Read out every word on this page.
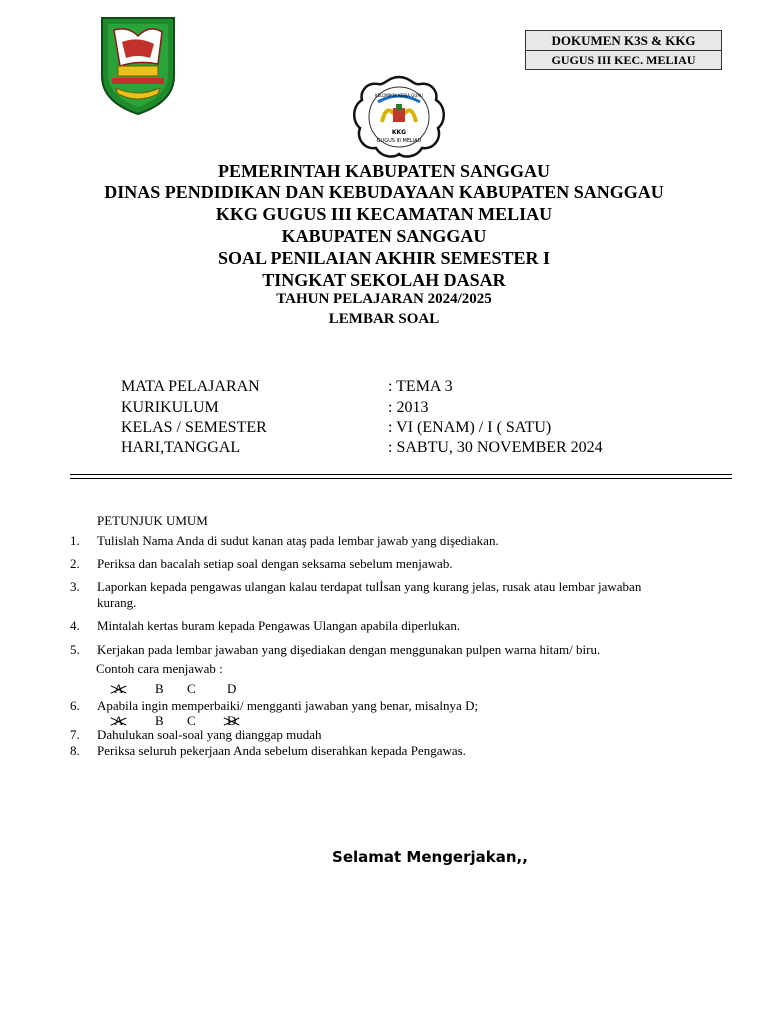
DOKUMEN K3S & KKG
GUGUS III KEC. MELIAU
KKG
GUGUS III MELIAU
KELOMPOK KERJA GURU
PEMERINTAH KABUPATEN SANGGAU
DINAS PENDIDIKAN DAN KEBUDAYAAN KABUPATEN SANGGAU
KKG GUGUS III KECAMATAN MELIAU
KABUPATEN SANGGAU
SOAL PENILAIAN AKHIR SEMESTER I
TINGKAT SEKOLAH DASAR
TAHUN PELAJARAN 2024/2025
LEMBAR SOAL
MATA PELAJARAN	: TEMA 3
KURIKULUM	: 2013
KELAS / SEMESTER	: VI (ENAM) / I ( SATU)
HARI,TANGGAL	: SABTU, 30 NOVEMBER 2024
PETUNJUK UMUM
1. Tulislah Nama Anda di sudut kanan ataş pada lembar jawab yang dişediakan.
2. Periksa dan bacalah setiap soal dengan seksama sebelum menjawab.
3. Laporkan kepada pengawas ulangan kalau terdapat tulİsan yang kurang jelas, rusak atau lembar jawaban
kurang.
4. Mintalah kertas buram kepada Pengawas Ulangan apabila diperlukan.
5. Kerjakan pada lembar jawaban yang dişediakan dengan menggunakan pulpen warna hitam/ biru.
Contoh cara menjawab :
A B C D
6. Apabila ingin memperbaiki/ mengganti jawaban yang benar, misalnya D;
A B C D
7. Dahulukan soal-soal yang dianggap mudah
8. Periksa seluruh pekerjaan Anda sebelum diserahkan kepada Pengawas.
Selamat Mengerjakan,,
